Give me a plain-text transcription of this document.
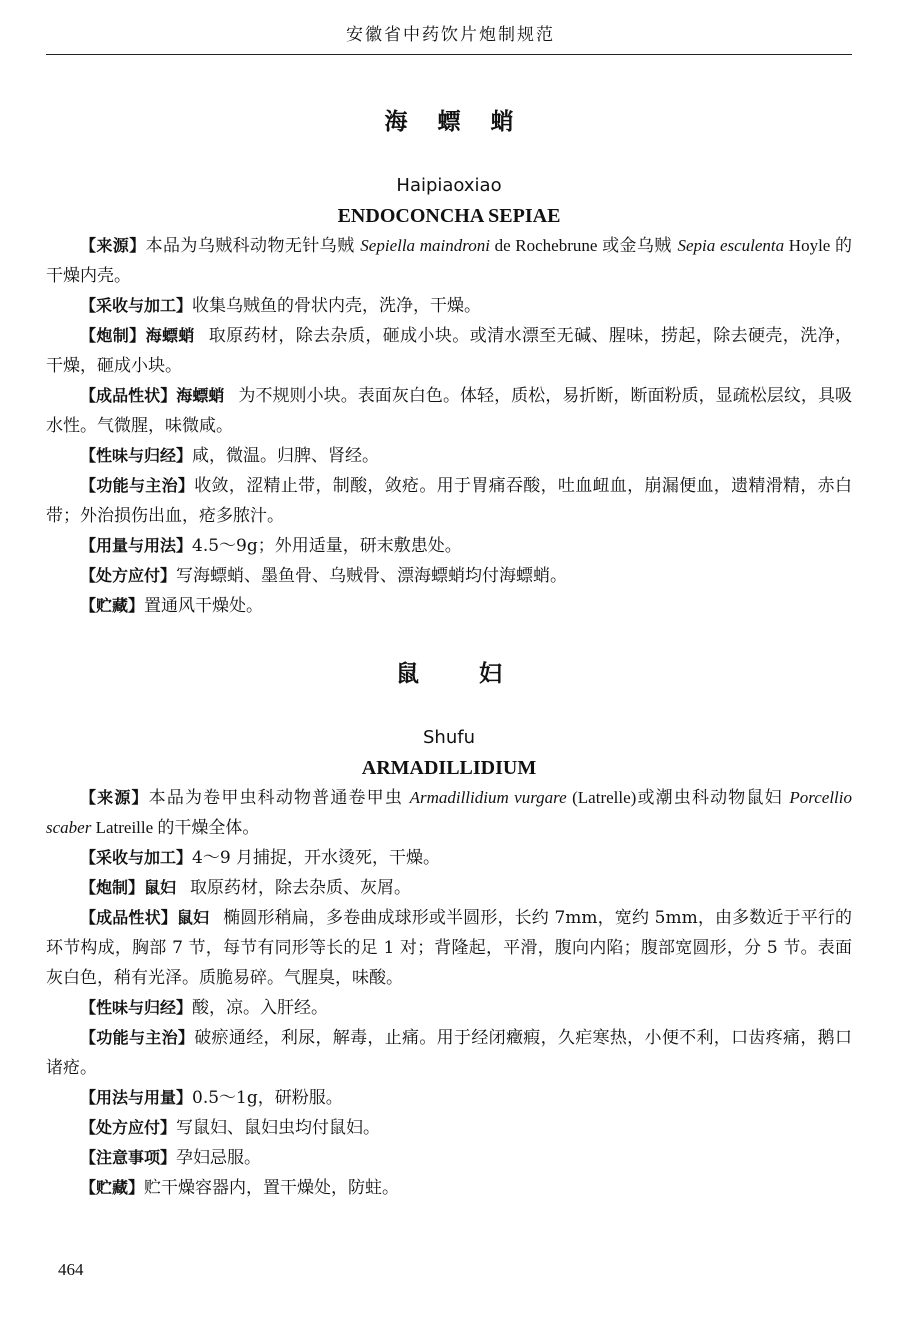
安徽省中药饮片炮制规范
海螵蛸
Haipiaoxiao
ENDOCONCHA SEPIAE

【来源】本品为乌贼科动物无针乌贼 Sepiella maindroni de Rochebrune 或金乌贼 Sepia esculenta Hoyle 的干燥内壳。

【采收与加工】收集乌贼鱼的骨状内壳，洗净，干燥。

【炮制】海螵蛸 取原药材，除去杂质，砸成小块。或清水漂至无碱、腥味，捞起，除去硬壳，洗净，干燥，砸成小块。

【成品性状】海螵蛸 为不规则小块。表面灰白色。体轻，质松，易折断，断面粉质，显疏松层纹，具吸水性。气微腥，味微咸。

【性味与归经】咸，微温。归脾、肾经。

【功能与主治】收敛，涩精止带，制酸，敛疮。用于胃痛吞酸，吐血衄血，崩漏便血，遗精滑精，赤白带；外治损伤出血，疮多脓汁。

【用量与用法】4.5～9g；外用适量，研末敷患处。

【处方应付】写海螵蛸、墨鱼骨、乌贼骨、漂海螵蛸均付海螵蛸。

【贮藏】置通风干燥处。

鼠妇
Shufu
ARMADILLIDIUM

【来源】本品为卷甲虫科动物普通卷甲虫 Armadillidium vurgare (Latrelle)或潮虫科动物鼠妇 Porcellio scaber Latreille 的干燥全体。

【采收与加工】4～9 月捕捉，开水烫死，干燥。

【炮制】鼠妇 取原药材，除去杂质、灰屑。

【成品性状】鼠妇 椭圆形稍扁，多卷曲成球形或半圆形，长约 7mm，宽约 5mm，由多数近于平行的环节构成，胸部 7 节，每节有同形等长的足 1 对；背隆起，平滑，腹向内陷；腹部宽圆形，分 5 节。表面灰白色，稍有光泽。质脆易碎。气腥臭，味酸。

【性味与归经】酸，凉。入肝经。

【功能与主治】破瘀通经，利尿，解毒，止痛。用于经闭癥瘕，久疟寒热，小便不利，口齿疼痛，鹅口诸疮。

【用法与用量】0.5～1g，研粉服。

【处方应付】写鼠妇、鼠妇虫均付鼠妇。

【注意事项】孕妇忌服。

【贮藏】贮干燥容器内，置干燥处，防蛀。

464
